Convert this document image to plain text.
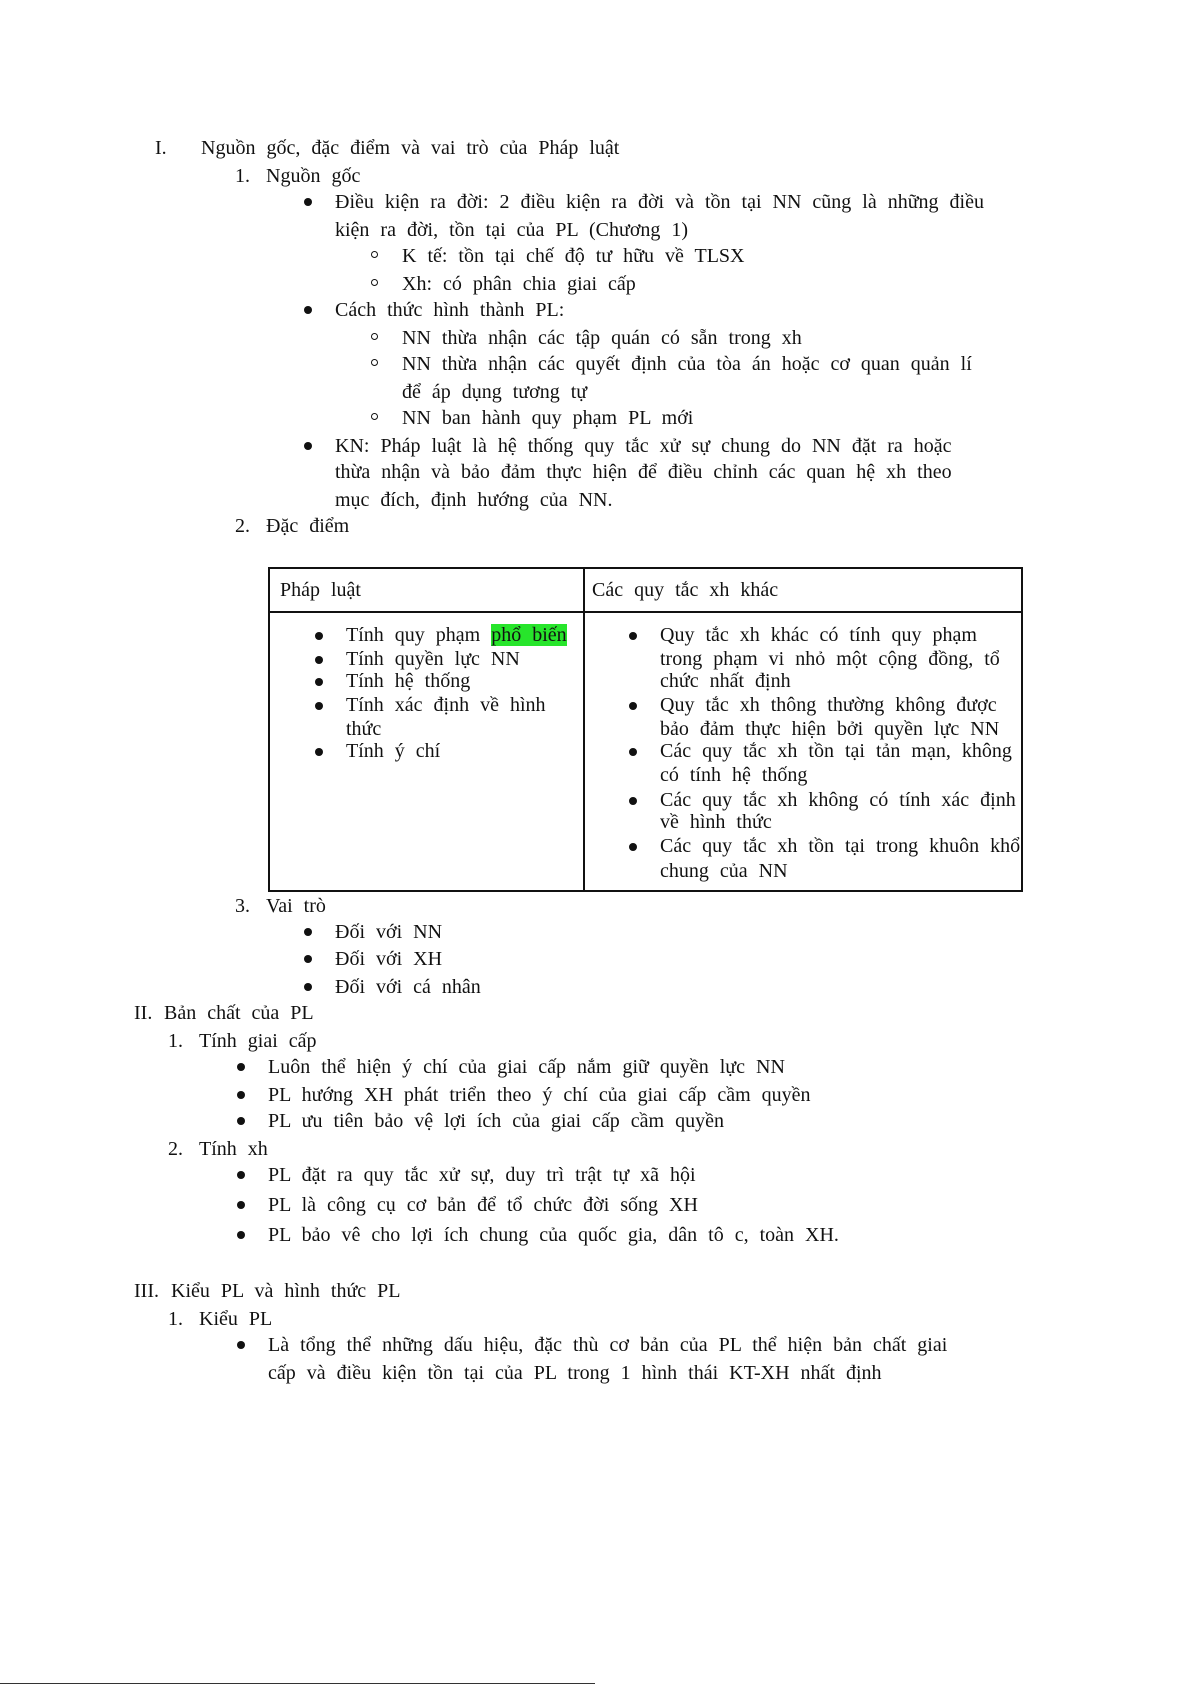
I. Nguồn gốc, đặc điểm và vai trò của Pháp luật
1. Nguồn gốc
Điều kiện ra đời: 2 điều kiện ra đời và tồn tại NN cũng là những điều
kiện ra đời, tồn tại của PL (Chương 1)
K tế: tồn tại chế độ tư hữu về TLSX
Xh: có phân chia giai cấp
Cách thức hình thành PL:
NN thừa nhận các tập quán có sẵn trong xh
NN thừa nhận các quyết định của tòa án hoặc cơ quan quản lí
để áp dụng tương tự
NN ban hành quy phạm PL mới
KN: Pháp luật là hệ thống quy tắc xử sự chung do NN đặt ra hoặc
thừa nhận và bảo đảm thực hiện để điều chỉnh các quan hệ xh theo
mục đích, định hướng của NN.
2. Đặc điểm
Pháp luật	Các quy tắc xh khác
Tính quy phạm phổ biến
Tính quyền lực NN
Tính hệ thống
Tính xác định về hình
thức
Tính ý chí
Quy tắc xh khác có tính quy phạm
trong phạm vi nhỏ một cộng đồng, tổ
chức nhất định
Quy tắc xh thông thường không được
bảo đảm thực hiện bởi quyền lực NN
Các quy tắc xh tồn tại tản mạn, không
có tính hệ thống
Các quy tắc xh không có tính xác định
về hình thức
Các quy tắc xh tồn tại trong khuôn khổ
chung của NN
3. Vai trò
Đối với NN
Đối với XH
Đối với cá nhân
II. Bản chất của PL
1. Tính giai cấp
Luôn thể hiện ý chí của giai cấp nắm giữ quyền lực NN
PL hướng XH phát triển theo ý chí của giai cấp cầm quyền
PL ưu tiên bảo vệ lợi ích của giai cấp cầm quyền
2. Tính xh
PL đặt ra quy tắc xử sự, duy trì trật tự xã hội
PL là công cụ cơ bản để tổ chức đời sống XH
PL bảo vê cho lợi ích chung của quốc gia, dân tô c, toàn XH.
III. Kiểu PL và hình thức PL
1. Kiểu PL
Là tổng thể những dấu hiệu, đặc thù cơ bản của PL thể hiện bản chất giai
cấp và điều kiện tồn tại của PL trong 1 hình thái KT-XH nhất định
